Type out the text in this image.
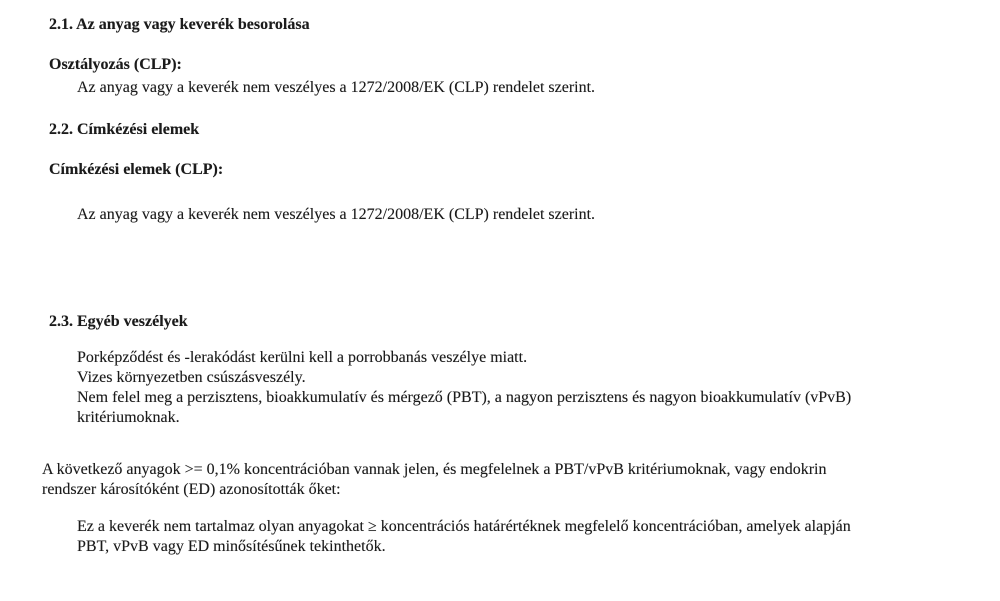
2.1. Az anyag vagy keverék besorolása
Osztályozás (CLP):
Az anyag vagy a keverék nem veszélyes a 1272/2008/EK (CLP) rendelet szerint.
2.2. Címkézési elemek
Címkézési elemek (CLP):
Az anyag vagy a keverék nem veszélyes a 1272/2008/EK (CLP) rendelet szerint.
2.3. Egyéb veszélyek
Porképződést és -lerakódást kerülni kell a porrobbanás veszélye miatt.
Vizes környezetben csúszásveszély.
Nem felel meg a perzisztens, bioakkumulatív és mérgező (PBT), a nagyon perzisztens és nagyon bioakkumulatív (vPvB)
kritériumoknak.
A következő anyagok >= 0,1% koncentrációban vannak jelen, és megfelelnek a PBT/vPvB kritériumoknak, vagy endokrin
rendszer károsítóként (ED) azonosították őket:
Ez a keverék nem tartalmaz olyan anyagokat ≥ koncentrációs határértéknek megfelelő koncentrációban, amelyek alapján
PBT, vPvB vagy ED minősítésűnek tekinthetők.
